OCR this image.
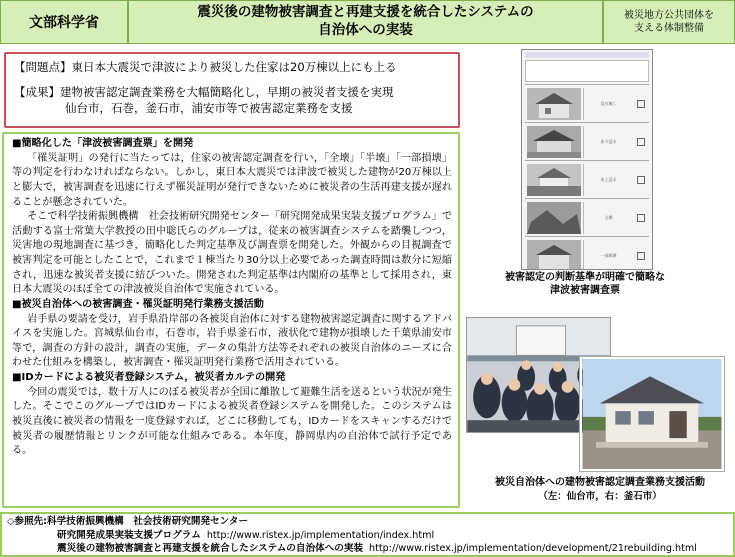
文部科学省
震災後の建物被害調査と再建支援を統合したシステムの
自治体への実装
被災地方公共団体を
支える体制整備
【問題点】 東日本大震災で津波により被災した住家は20万棟以上にも上る
【成果】 建物被害認定調査業務を大幅簡略化し，早期の被災者支援を実現
仙台市，石巻，釜石市，浦安市等で被害認定業務を支援
■簡略化した「津波被害調査票」を開発
「罹災証明」の発行に当たっては，住家の被害認定調査を行い，「全壊」「半壊」「一部損壊」等の判定を行わなければならない。しかし，東日本大震災では津波で被災した建物が20万棟以上と膨大で，被害調査を迅速に行えず罹災証明が発行できないために被災者の生活再建支援が遅れることが懸念されていた。
そこで科学技術振興機構　社会技術研究開発センター「研究開発成果実装支援プログラム」で活動する富士常葉大学教授の田中聡氏らのグループは，従来の被害調査システムを踏襲しつつ，災害地の現地調査に基づき，簡略化した判定基準及び調査票を開発した。外観からの目視調査で被害判定を可能としたことで，これまで１棟当たり30分以上必要であった調査時間は数分に短縮され，迅速な被災者支援に結びついた。開発された判定基準は内閣府の基準として採用され，東日本大震災のほぼ全ての津波被災自治体で実施されている。
■被災自治体への被害調査・罹災証明発行業務支援活動
岩手県の要請を受け，岩手県沿岸部の各被災自治体に対する建物被害認定調査に関するアドバイスを実施した。宮城県仙台市，石巻市，岩手県釜石市，液状化で建物が損壊した千葉県浦安市等で，調査の方針の設計，調査の実施，データの集計方法等それぞれの被災自治体のニーズに合わせた仕組みを構築し，被害調査・罹災証明発行業務で活用されている。
■IDカードによる被災者登録システム，被災者カルテの開発
今回の震災では，数十万人にのぼる被災者が全国に離散して避難生活を送るという状況が発生した。そこでこのグループではIDカードによる被災者登録システムを開発した。このシステムは被災直後に被災者の情報を一度登録すれば，どこに移動しても，IDカードをスキャンするだけで被災者の履歴情報とリンクが可能な仕組みである。本年度，静岡県内の自治体で試行予定である。
浸水無し
床下浸水
床上浸水
全壊
一部損壊
被害認定の判断基準が明確で簡略な
津波被害調査票
被災自治体への建物被害認定調査業務支援活動
（左：仙台市，右：釜石市）
◇参照先: 科学技術振興機構　社会技術研究開発センター
研究開発成果実装支援プログラム http://www.ristex.jp/implementation/index.html
震災後の建物被害調査と再建支援を統合したシステムの自治体への実装 http://www.ristex.jp/implementation/development/21rebuilding.html
